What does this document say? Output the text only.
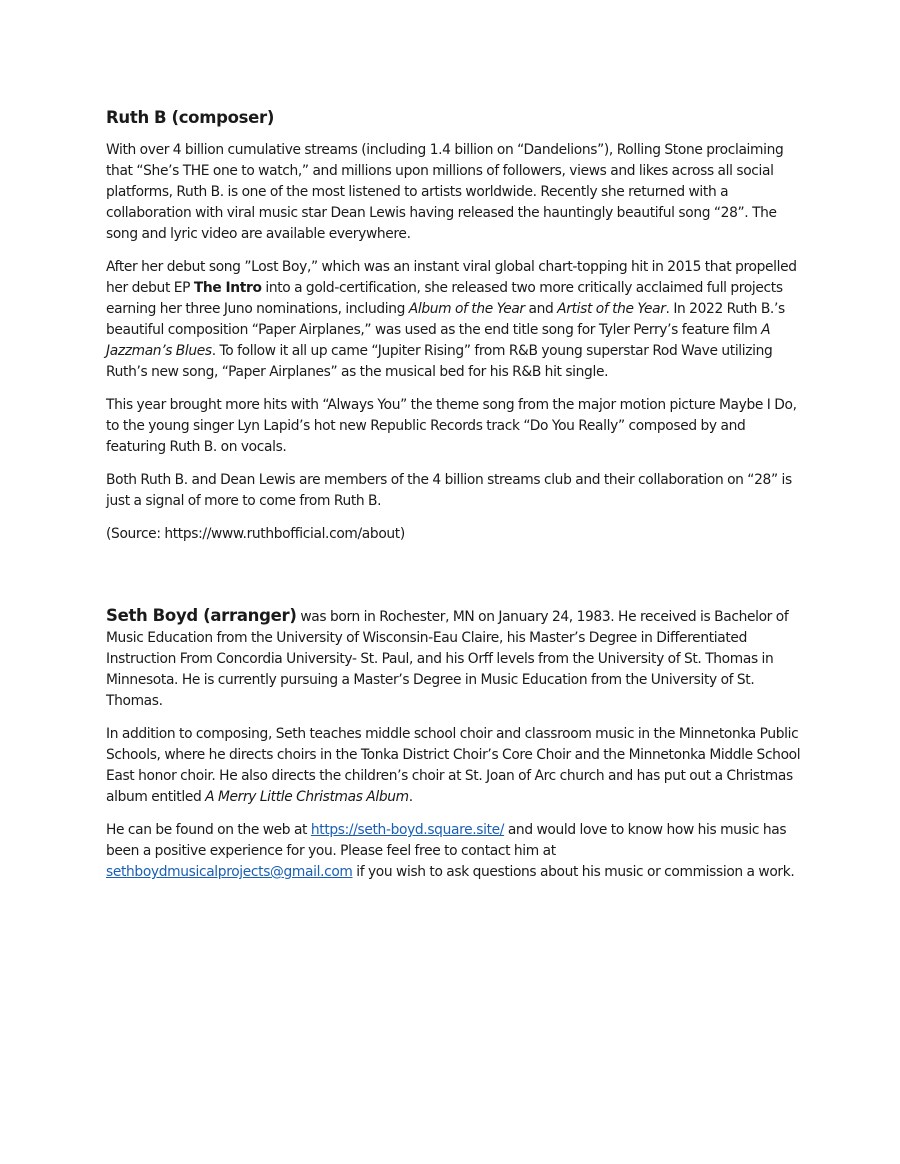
Ruth B (composer)

With over 4 billion cumulative streams (including 1.4 billion on “Dandelions”), Rolling Stone proclaiming that “She’s THE one to watch,” and millions upon millions of followers, views and likes across all social platforms, Ruth B. is one of the most listened to artists worldwide. Recently she returned with a collaboration with viral music star Dean Lewis having released the hauntingly beautiful song “28”. The song and lyric video are available everywhere.

After her debut song ”Lost Boy,” which was an instant viral global chart-topping hit in 2015 that propelled her debut EP The Intro into a gold-certification, she released two more critically acclaimed full projects earning her three Juno nominations, including Album of the Year and Artist of the Year. In 2022 Ruth B.’s beautiful composition “Paper Airplanes,” was used as the end title song for Tyler Perry’s feature film A Jazzman’s Blues. To follow it all up came “Jupiter Rising” from R&B young superstar Rod Wave utilizing Ruth’s new song, “Paper Airplanes” as the musical bed for his R&B hit single.

This year brought more hits with “Always You” the theme song from the major motion picture Maybe I Do, to the young singer Lyn Lapid’s hot new Republic Records track “Do You Really” composed by and featuring Ruth B. on vocals.

Both Ruth B. and Dean Lewis are members of the 4 billion streams club and their collaboration on “28” is just a signal of more to come from Ruth B.

(Source: https://www.ruthbofficial.com/about)

Seth Boyd (arranger) was born in Rochester, MN on January 24, 1983. He received is Bachelor of Music Education from the University of Wisconsin-Eau Claire, his Master’s Degree in Differentiated Instruction From Concordia University- St. Paul, and his Orff levels from the University of St. Thomas in Minnesota. He is currently pursuing a Master’s Degree in Music Education from the University of St. Thomas.

In addition to composing, Seth teaches middle school choir and classroom music in the Minnetonka Public Schools, where he directs choirs in the Tonka District Choir’s Core Choir and the Minnetonka Middle School East honor choir. He also directs the children’s choir at St. Joan of Arc church and has put out a Christmas album entitled A Merry Little Christmas Album.

He can be found on the web at https://seth-boyd.square.site/ and would love to know how his music has been a positive experience for you. Please feel free to contact him at sethboydmusicalprojects@gmail.com if you wish to ask questions about his music or commission a work.
